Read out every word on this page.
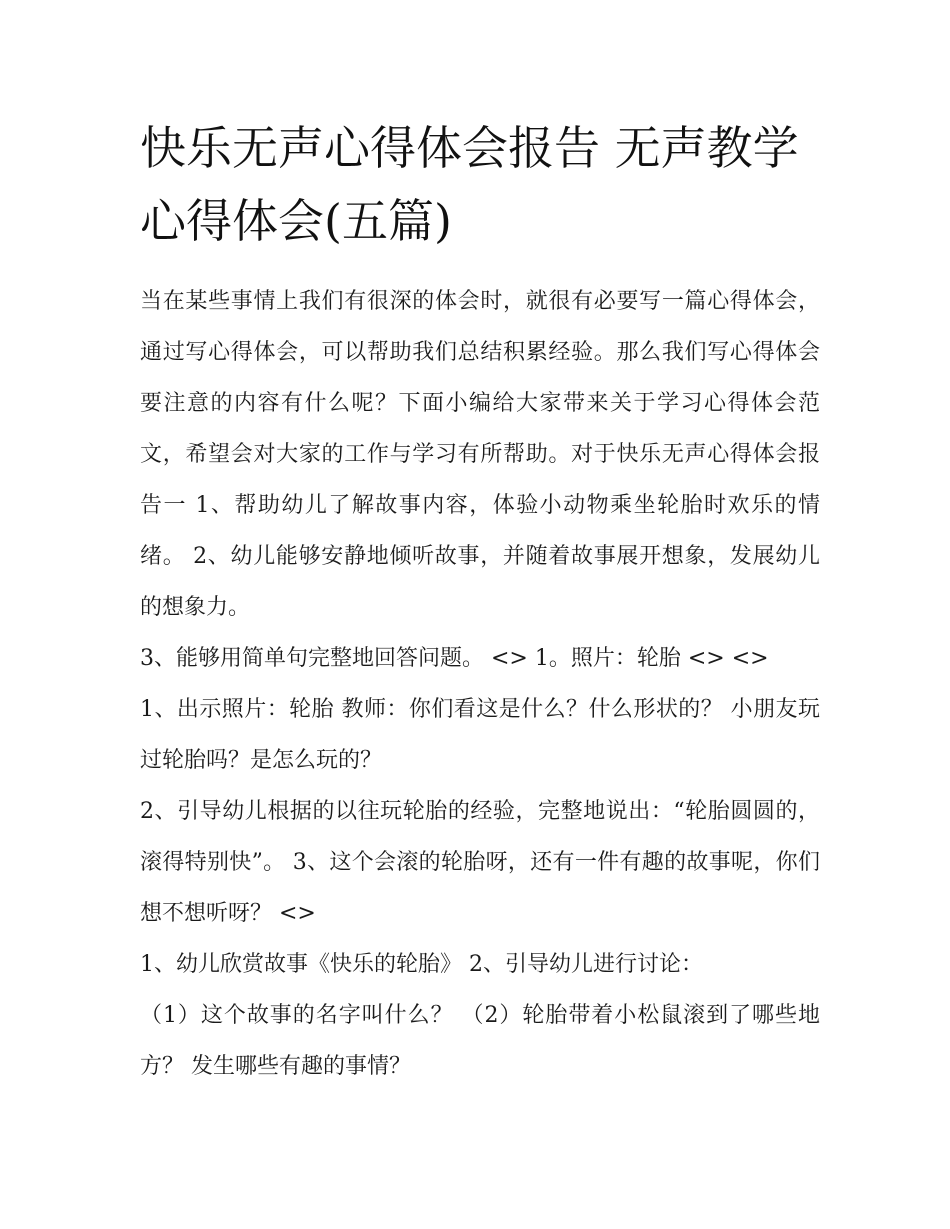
快乐无声心得体会报告 无声教学心得体会(五篇)

当在某些事情上我们有很深的体会时，就很有必要写一篇心得体会，通过写心得体会，可以帮助我们总结积累经验。那么我们写心得体会要注意的内容有什么呢？下面小编给大家带来关于学习心得体会范文，希望会对大家的工作与学习有所帮助。对于快乐无声心得体会报告一 1、帮助幼儿了解故事内容，体验小动物乘坐轮胎时欢乐的情绪。 2、幼儿能够安静地倾听故事，并随着故事展开想象，发展幼儿的想象力。

3、能够用简单句完整地回答问题。 <> 1。照片：轮胎 <> <>

1、出示照片：轮胎 教师：你们看这是什么？什么形状的？ 小朋友玩过轮胎吗？是怎么玩的？

2、引导幼儿根据的以往玩轮胎的经验，完整地说出：“轮胎圆圆的，滚得特别快”。 3、这个会滚的轮胎呀，还有一件有趣的故事呢，你们想不想听呀？ <>

1、幼儿欣赏故事《快乐的轮胎》 2、引导幼儿进行讨论：

（1）这个故事的名字叫什么？ （2）轮胎带着小松鼠滚到了哪些地方？ 发生哪些有趣的事情？
